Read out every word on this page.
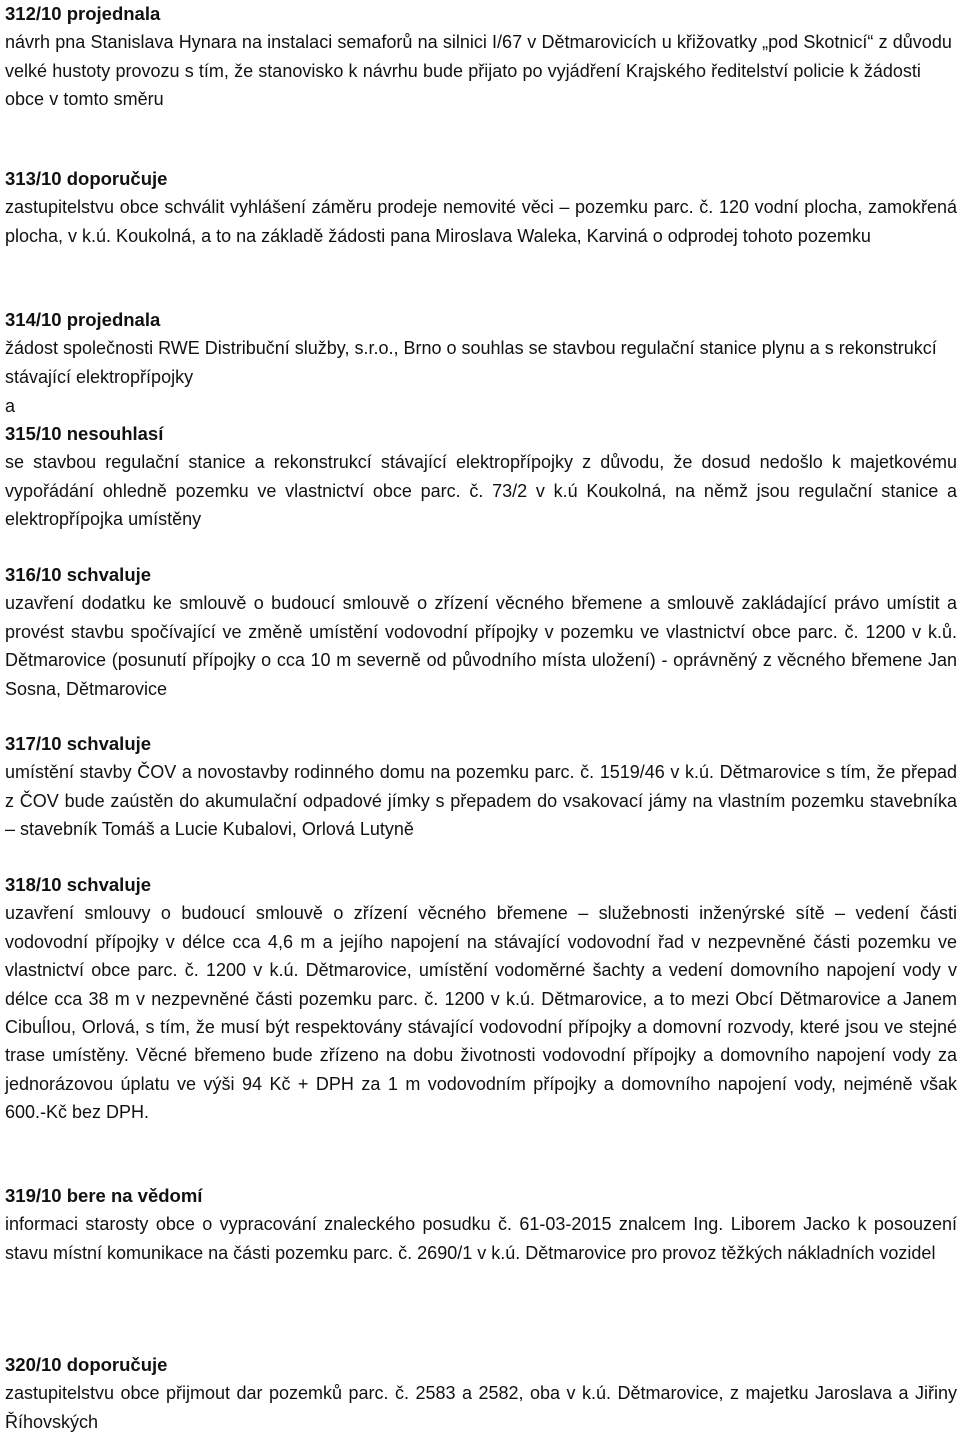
312/10 projednala
návrh pna Stanislava Hynara na instalaci semaforů na silnici I/67 v Dětmarovicích u křižovatky „pod Skotnicí“ z důvodu velké hustoty provozu s tím, že stanovisko k návrhu bude přijato po vyjádření Krajského ředitelství policie k žádosti obce v tomto směru
313/10 doporučuje
zastupitelstvu obce schválit vyhlášení záměru prodeje nemovité věci – pozemku parc. č. 120 vodní plocha, zamokřená plocha, v k.ú. Koukolná, a to na základě žádosti pana Miroslava Waleka, Karviná o odprodej tohoto pozemku
314/10 projednala
žádost společnosti RWE Distribuční služby, s.r.o., Brno o souhlas se stavbou regulační stanice plynu a s rekonstrukcí stávající elektropřípojky
a
315/10 nesouhlasí
se stavbou regulační stanice a rekonstrukcí stávající elektropřípojky z důvodu, že dosud nedošlo k majetkovému vypořádání ohledně pozemku ve vlastnictví obce parc. č. 73/2 v k.ú Koukolná, na němž jsou regulační stanice a elektropřípojka umístěny
316/10 schvaluje
uzavření dodatku ke smlouvě o budoucí smlouvě o zřízení věcného břemene a smlouvě zakládající právo umístit a provést stavbu spočívající ve změně umístění vodovodní přípojky v pozemku ve vlastnictví obce parc. č. 1200 v k.ů. Dětmarovice (posunutí přípojky o cca 10 m severně od původního místa uložení) - oprávněný z věcného břemene Jan Sosna, Dětmarovice
317/10 schvaluje
umístění stavby ČOV a novostavby rodinného domu na pozemku parc. č. 1519/46 v k.ú. Dětmarovice s tím, že přepad z ČOV bude zaústěn do akumulační odpadové jímky s přepadem do vsakovací jámy na vlastním pozemku stavebníka – stavebník Tomáš a Lucie Kubalovi, Orlová Lutyně
318/10 schvaluje
uzavření smlouvy o budoucí smlouvě o zřízení věcného břemene – služebnosti inženýrské sítě – vedení části vodovodní přípojky v délce cca 4,6 m a jejího napojení na stávající vodovodní řad v nezpevněné části pozemku ve vlastnictví obce parc. č. 1200 v k.ú. Dětmarovice, umístění vodoměrné šachty a vedení domovního napojení vody v délce cca 38 m v nezpevněné části pozemku parc. č. 1200 v k.ú. Dětmarovice, a to mezi Obcí Dětmarovice a Janem CibuĺIou, Orlová, s tím, že musí být respektovány stávající vodovodní přípojky a domovní rozvody, které jsou ve stejné trase umístěny. Věcné břemeno bude zřízeno na dobu životnosti vodovodní přípojky a domovního napojení vody za jednorázovou úplatu ve výši 94 Kč + DPH za 1 m vodovodním přípojky a domovního napojení vody, nejméně však 600.-Kč bez DPH.
319/10 bere na vědomí
informaci starosty obce o vypracování znaleckého posudku č. 61-03-2015 znalcem Ing. Liborem Jacko k posouzení stavu místní komunikace na části pozemku parc. č. 2690/1 v k.ú. Dětmarovice pro provoz těžkých nákladních vozidel
320/10 doporučuje
zastupitelstvu obce přijmout dar pozemků parc. č. 2583 a 2582, oba v k.ú. Dětmarovice, z majetku Jaroslava a Jiřiny Říhovských
